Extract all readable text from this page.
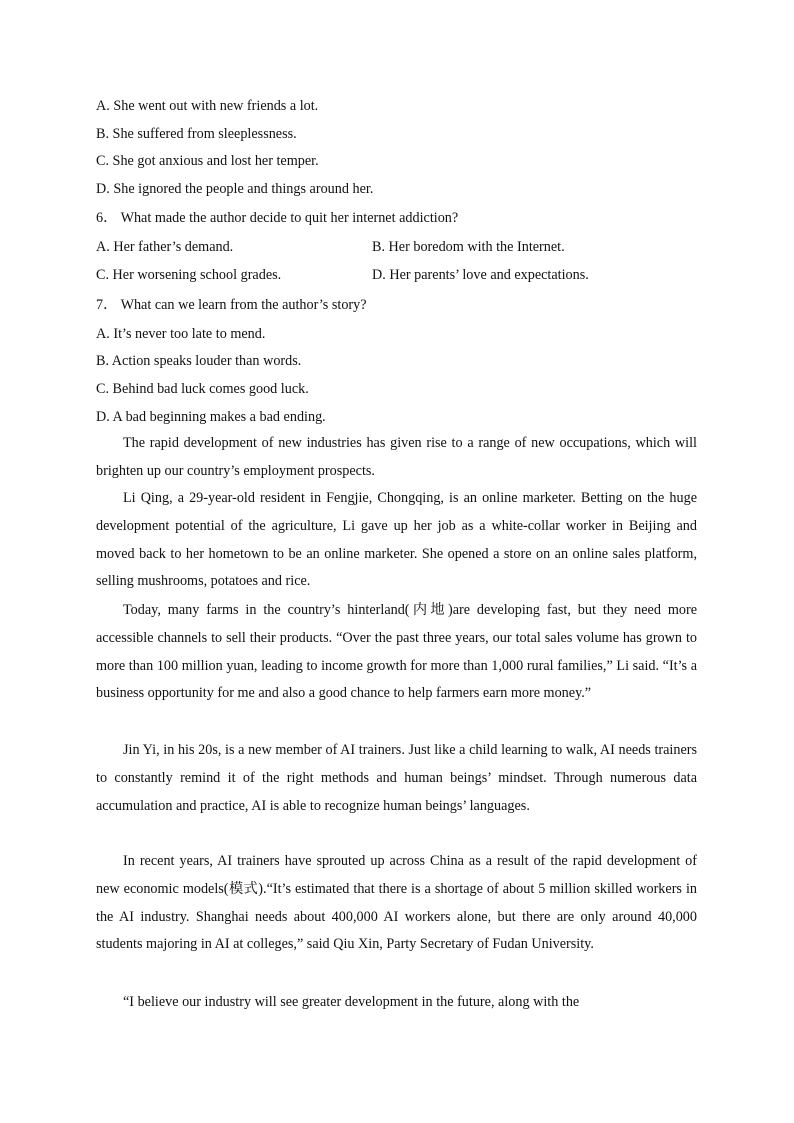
A. She went out with new friends a lot.
B. She suffered from sleeplessness.
C. She got anxious and lost her temper.
D. She ignored the people and things around her.
6． What made the author decide to quit her internet addiction?
A. Her father’s demand.	B. Her boredom with the Internet.
C. Her worsening school grades.	D. Her parents’ love and expectations.
7． What can we learn from the author’s story?
A. It’s never too late to mend.
B. Action speaks louder than words.
C. Behind bad luck comes good luck.
D. A bad beginning makes a bad ending.

The rapid development of new industries has given rise to a range of new occupations, which will brighten up our country’s employment prospects.

Li Qing, a 29-year-old resident in Fengjie, Chongqing, is an online marketer. Betting on the huge development potential of the agriculture, Li gave up her job as a white-collar worker in Beijing and moved back to her hometown to be an online marketer. She opened a store on an online sales platform, selling mushrooms, potatoes and rice.

Today, many farms in the country’s hinterland(内地)are developing fast, but they need more accessible channels to sell their products. “Over the past three years, our total sales volume has grown to more than 100 million yuan, leading to income growth for more than 1,000 rural families,” Li said. “It’s a business opportunity for me and also a good chance to help farmers earn more money.”

Jin Yi, in his 20s, is a new member of AI trainers. Just like a child learning to walk, AI needs trainers to constantly remind it of the right methods and human beings’ mindset. Through numerous data accumulation and practice, AI is able to recognize human beings’ languages.

In recent years, AI trainers have sprouted up across China as a result of the rapid development of new economic models(模式).“It’s estimated that there is a shortage of about 5 million skilled workers in the AI industry. Shanghai needs about 400,000 AI workers alone, but there are only around 40,000 students majoring in AI at colleges,” said Qiu Xin, Party Secretary of Fudan University.

“I believe our industry will see greater development in the future, along with the
